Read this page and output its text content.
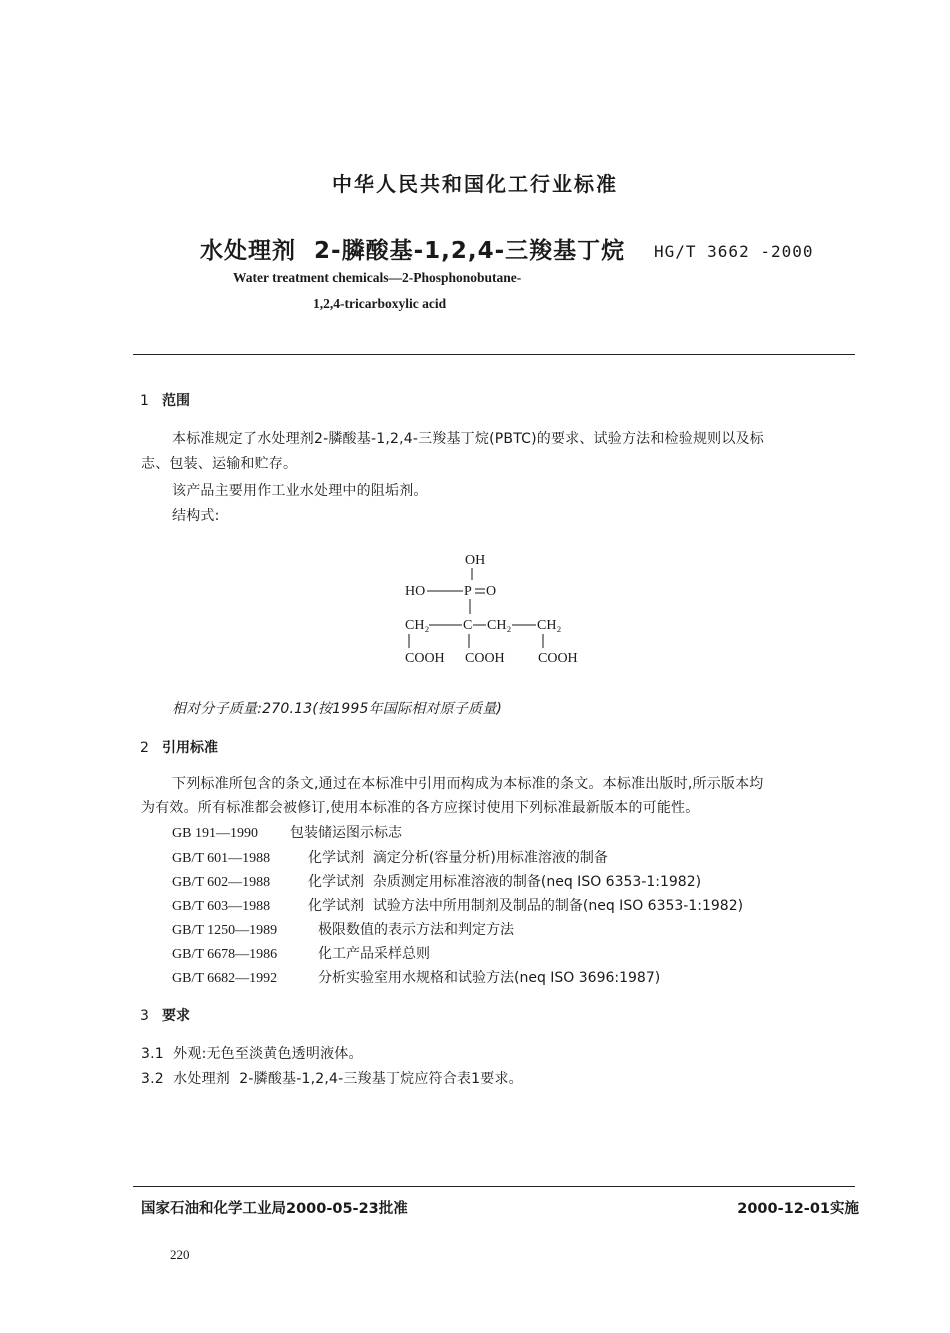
中华人民共和国化工行业标准
水处理剂  2-膦酸基-1,2,4-三羧基丁烷 HG/T 3662 -2000
Water treatment chemicals—2-Phosphonobutane-
1,2,4-tricarboxylic acid
1 范围
本标准规定了水处理剂2-膦酸基-1,2,4-三羧基丁烷(PBTC)的要求、试验方法和检验规则以及标
志、包装、运输和贮存。
该产品主要用作工业水处理中的阻垢剂。
结构式:
OH
HO	P O
CH₂ C CH₂ CH₂
COOH COOH COOH
相对分子质量:270.13(按1995年国际相对原子质量)
2 引用标准
下列标准所包含的条文,通过在本标准中引用而构成为本标准的条文。本标准出版时,所示版本均
为有效。所有标准都会被修订,使用本标准的各方应探讨使用下列标准最新版本的可能性。
GB 191—1990 包装储运图示标志
GB/T 601—1988	化学试剂  滴定分析(容量分析)用标准溶液的制备
GB/T 602—1988	化学试剂  杂质测定用标准溶液的制备(neq ISO 6353-1:1982)
GB/T 603—1988	化学试剂  试验方法中所用制剂及制品的制备(neq ISO 6353-1:1982)
GB/T 1250—1989	极限数值的表示方法和判定方法
GB/T 6678—1986	化工产品采样总则
GB/T 6682—1992	分析实验室用水规格和试验方法(neq ISO 3696:1987)
3 要求
3.1  外观:无色至淡黄色透明液体。
3.2  水处理剂  2-膦酸基-1,2,4-三羧基丁烷应符合表1要求。
国家石油和化学工业局2000-05-23批准	2000-12-01实施
220
